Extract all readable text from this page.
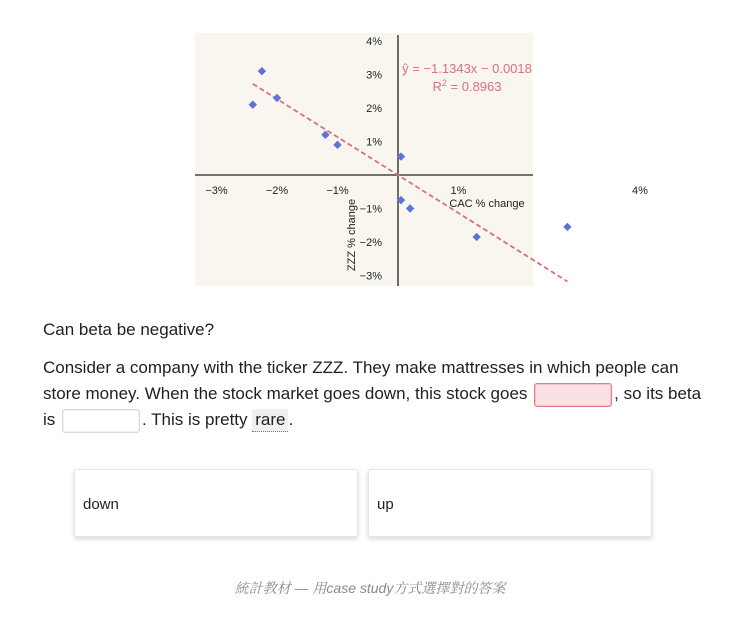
−3%	−2%	−1%	1%	4%
4%
3%
2%
1%
−1%
−2%
−3%
CAC % change
ZZZ % change
ŷ = −1.1343x − 0.0018
$R^2 = 0.8963$
Can beta be negative?
Consider a company with the ticker ZZZ. They make mattresses in which people can store money. When the stock market goes down, this stock goes	, so its beta is	. This is pretty rare .
down	up
統計教材 — 用case study方式選擇對的答案
